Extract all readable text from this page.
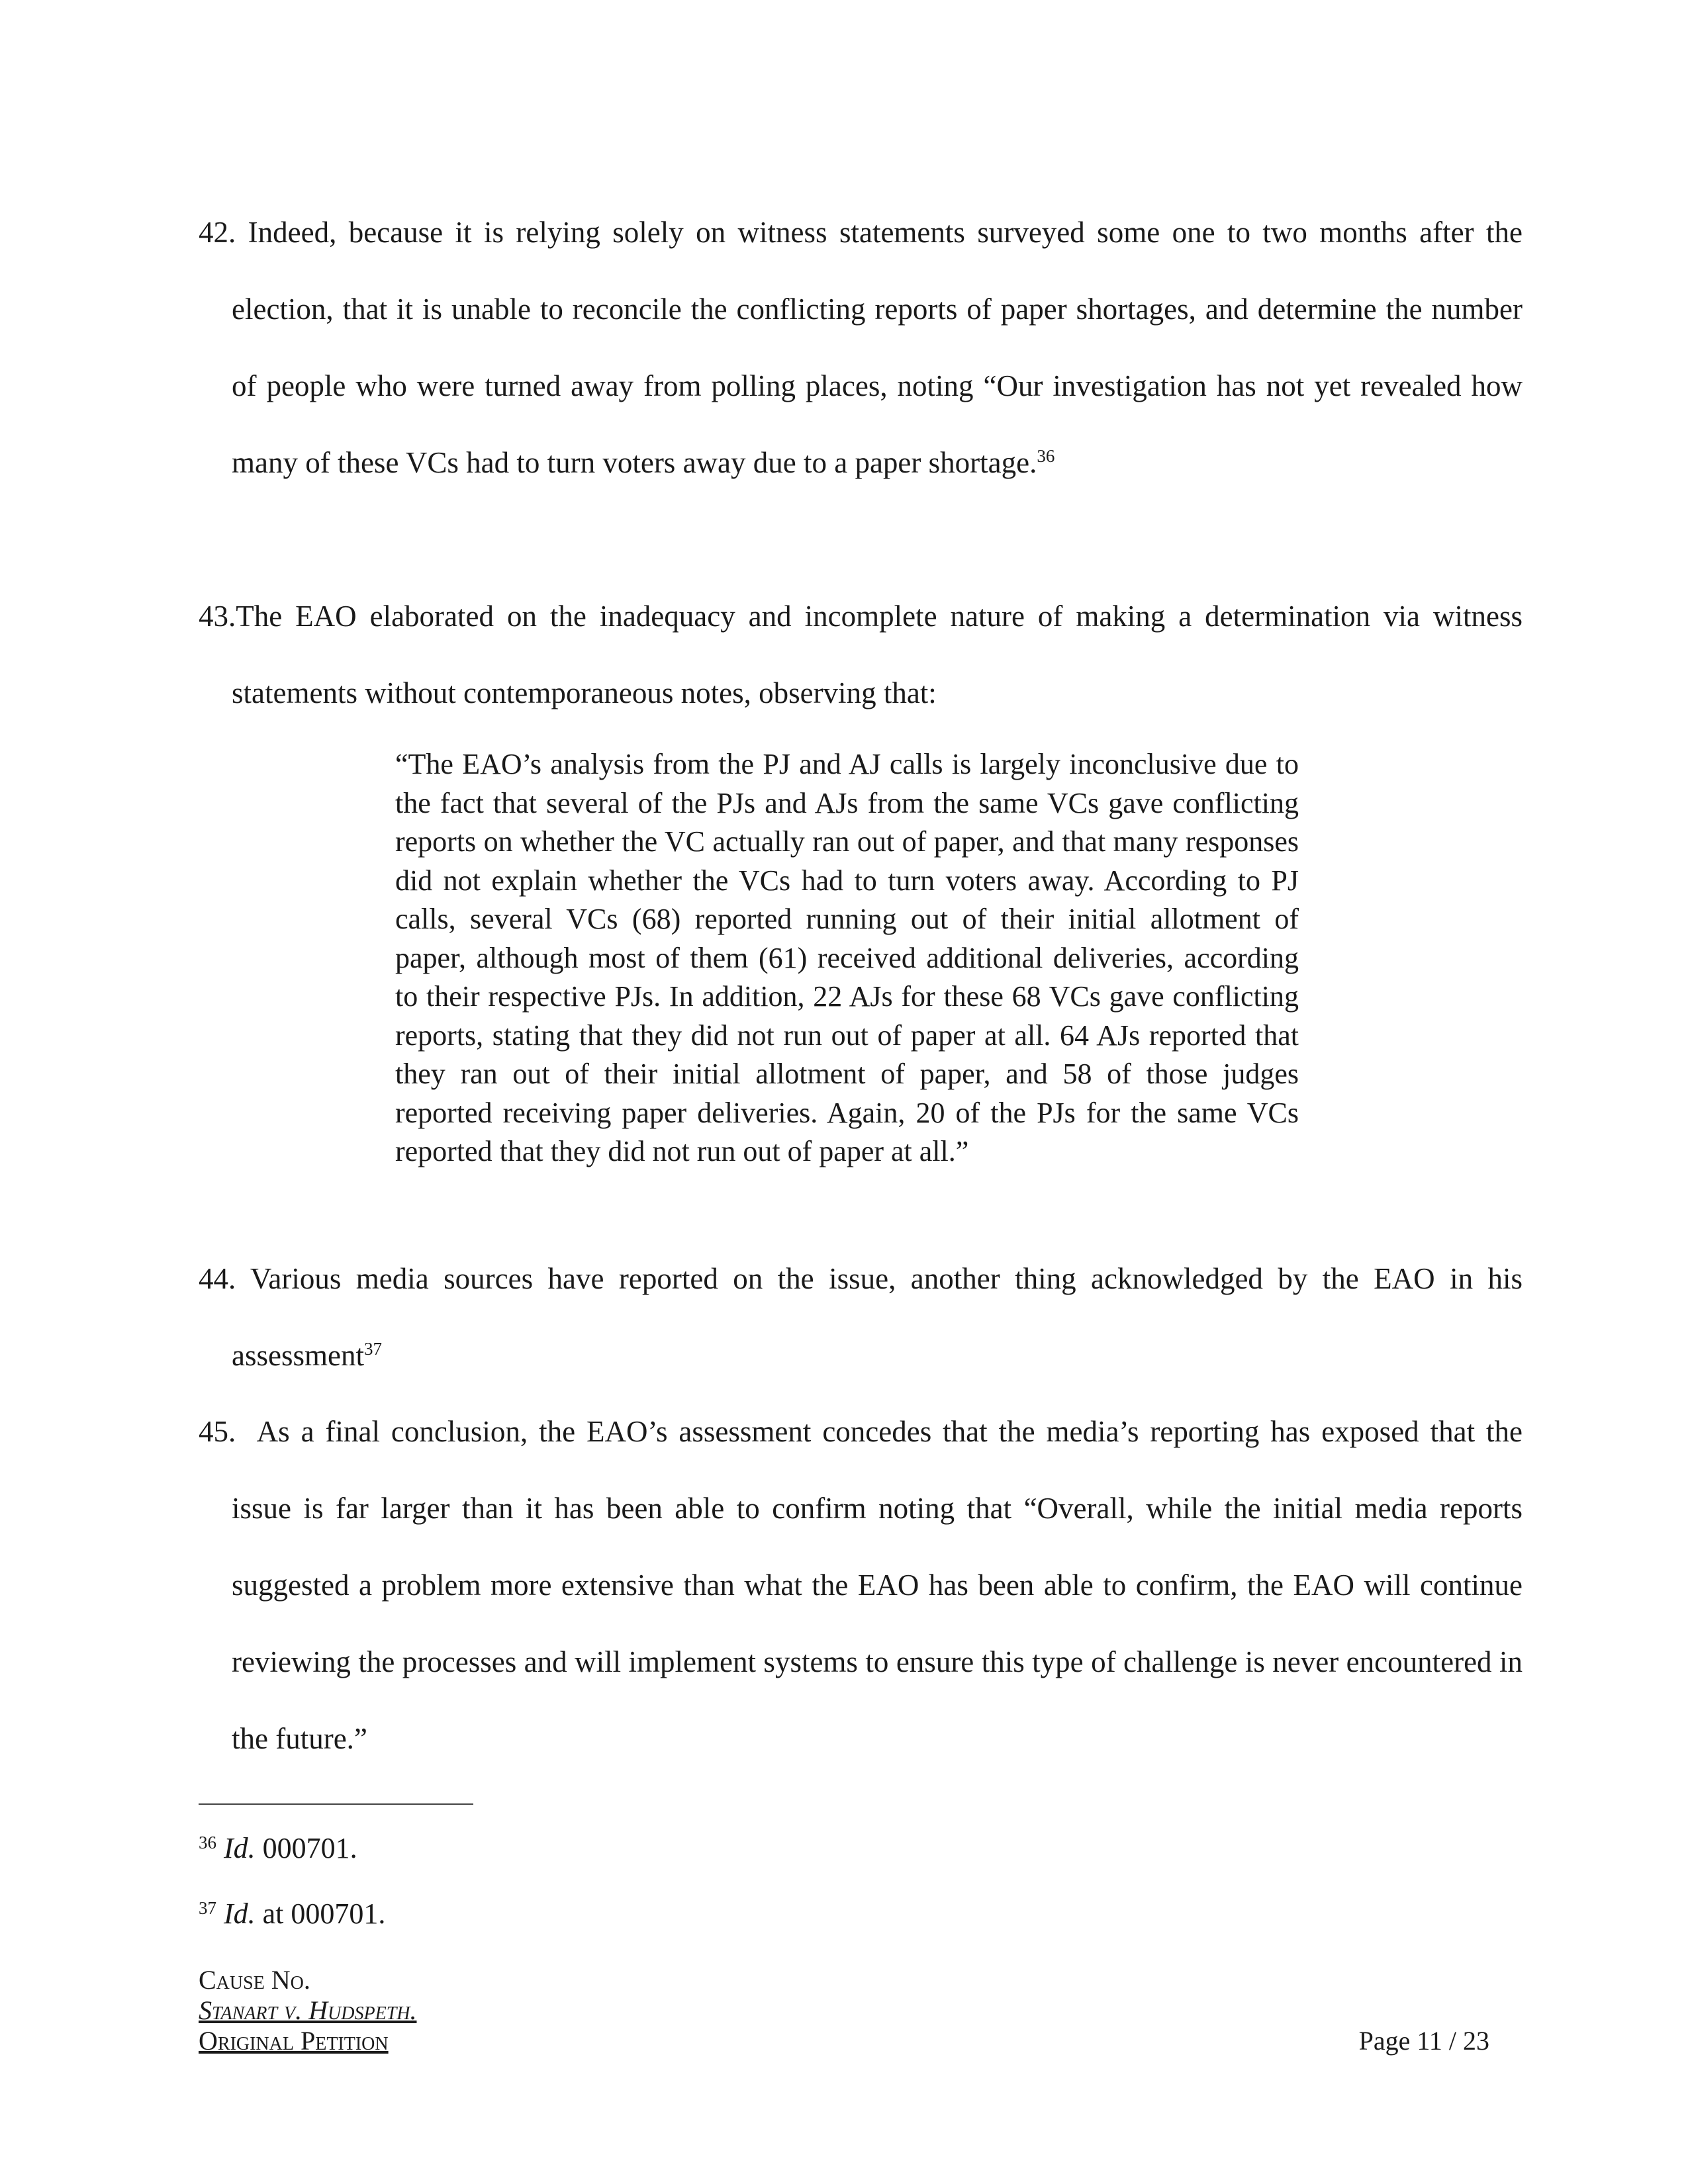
42. Indeed, because it is relying solely on witness statements surveyed some one to two months after the election, that it is unable to reconcile the conflicting reports of paper shortages, and determine the number of people who were turned away from polling places, noting “Our investigation has not yet revealed how many of these VCs had to turn voters away due to a paper shortage.$^{36}$

43.The EAO elaborated on the inadequacy and incomplete nature of making a determination via witness statements without contemporaneous notes, observing that:

“The EAO’s analysis from the PJ and AJ calls is largely inconclusive due to the fact that several of the PJs and AJs from the same VCs gave conflicting reports on whether the VC actually ran out of paper, and that many responses did not explain whether the VCs had to turn voters away. According to PJ calls, several VCs (68) reported running out of their initial allotment of paper, although most of them (61) received additional deliveries, according to their respective PJs. In addition, 22 AJs for these 68 VCs gave conflicting reports, stating that they did not run out of paper at all. 64 AJs reported that they ran out of their initial allotment of paper, and 58 of those judges reported receiving paper deliveries. Again, 20 of the PJs for the same VCs reported that they did not run out of paper at all.”

44. Various media sources have reported on the issue, another thing acknowledged by the EAO in his assessment$^{37}$

45. As a final conclusion, the EAO’s assessment concedes that the media’s reporting has exposed that the issue is far larger than it has been able to confirm noting that “Overall, while the initial media reports suggested a problem more extensive than what the EAO has been able to confirm, the EAO will continue reviewing the processes and will implement systems to ensure this type of challenge is never encountered in the future.”

$^{36}$ Id. 000701.

$^{37}$ Id. at 000701.

Cause No.

Stanart v. Hudspeth.

Original Petition	Page 11 / 23
